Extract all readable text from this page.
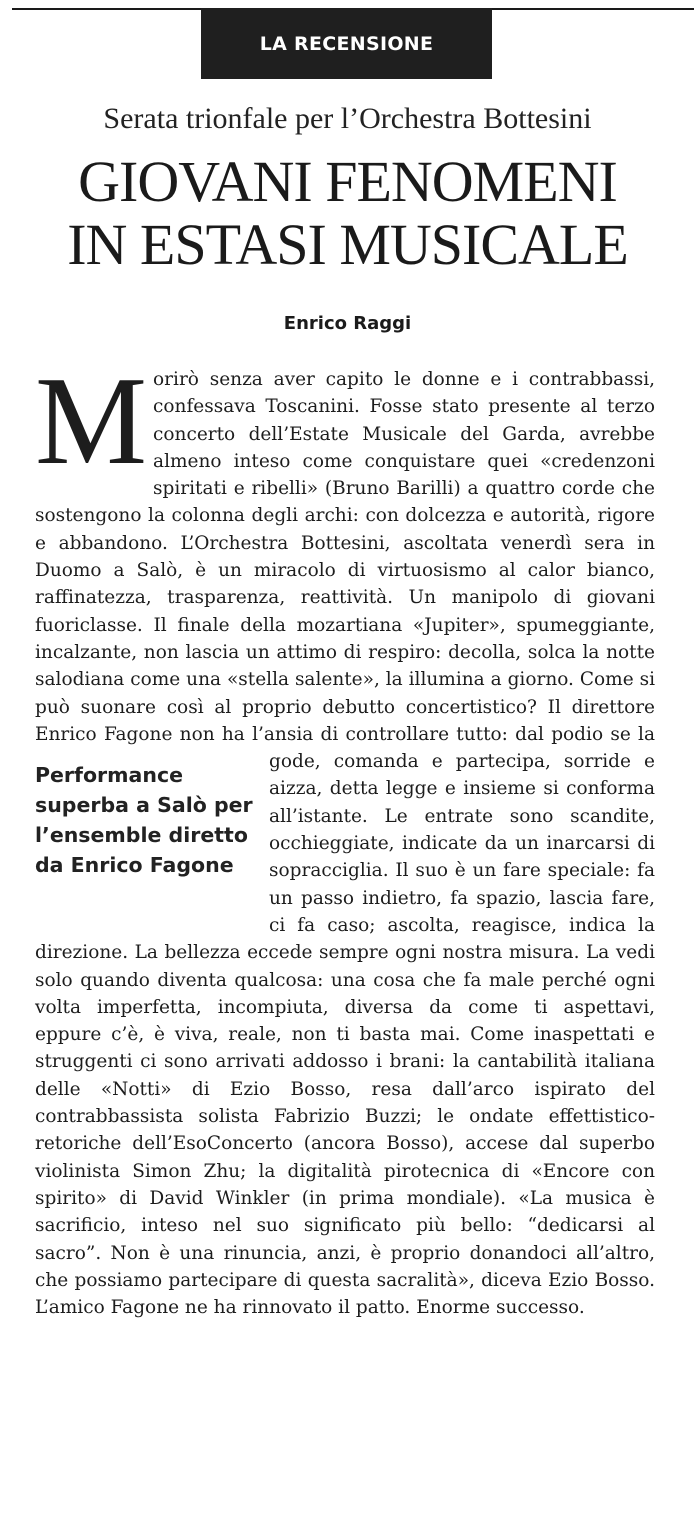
LA RECENSIONE
Serata trionfale per l’Orchestra Bottesini
GIOVANI FENOMENI
IN ESTASI MUSICALE
Enrico Raggi

Morirò senza aver capito le donne e i contrabbassi, confessava Toscanini. Fosse stato presente al terzo concerto dell’Estate Musicale del Garda, avrebbe almeno inteso come conquistare quei «credenzoni spiritati e ribelli» (Bruno Barilli) a quattro corde che sostengono la colonna degli archi: con dolcezza e autorità, rigore e abbandono. L’Orchestra Bottesini, ascoltata venerdì sera in Duomo a Salò, è un miracolo di virtuosismo al calor bianco, raffinatezza, trasparenza, reattività. Un manipolo di giovani fuoriclasse. Il finale della mozartiana «Jupiter», spumeggiante, incalzante, non lascia un attimo di respiro: decolla, solca la notte salodiana come una «stella salente», la illumina a giorno. Come si può suonare così al proprio debutto concertistico? Il direttore Enrico Fagone non ha l’ansia di controllare tutto: dal podio se la gode, comanda
Performance superba a Salò per l’ensemble diretto da Enrico Fagone
e partecipa, sorride e aizza, detta legge e insieme si conforma all’istante. Le entrate sono scandite, occhieggiate, indicate da un inarcarsi di sopracciglia. Il suo è un fare speciale: fa un passo indietro, fa spazio, lascia fare, ci fa caso; ascolta, reagisce, indica la direzione. La bellezza eccede sempre ogni nostra misura. La vedi solo quando diventa qualcosa: una cosa che fa male perché ogni volta imperfetta, incompiuta, diversa da come ti aspettavi, eppure c’è, è viva, reale, non ti basta mai. Come inaspettati e struggenti ci sono arrivati addosso i brani: la cantabilità italiana delle «Notti» di Ezio Bosso, resa dall’arco ispirato del contrabbassista solista Fabrizio Buzzi; le ondate effettistico-retoriche dell’EsoConcerto (ancora Bosso), accese dal superbo violinista Simon Zhu; la digitalità pirotecnica di «Encore con spirito» di David Winkler (in prima mondiale). «La musica è sacrificio, inteso nel suo significato più bello: “dedicarsi al sacro”. Non è una rinuncia, anzi, è proprio donandoci all’altro, che possiamo partecipare di questa sacralità», diceva Ezio Bosso. L’amico Fagone ne ha rinnovato il patto. Enorme successo.
